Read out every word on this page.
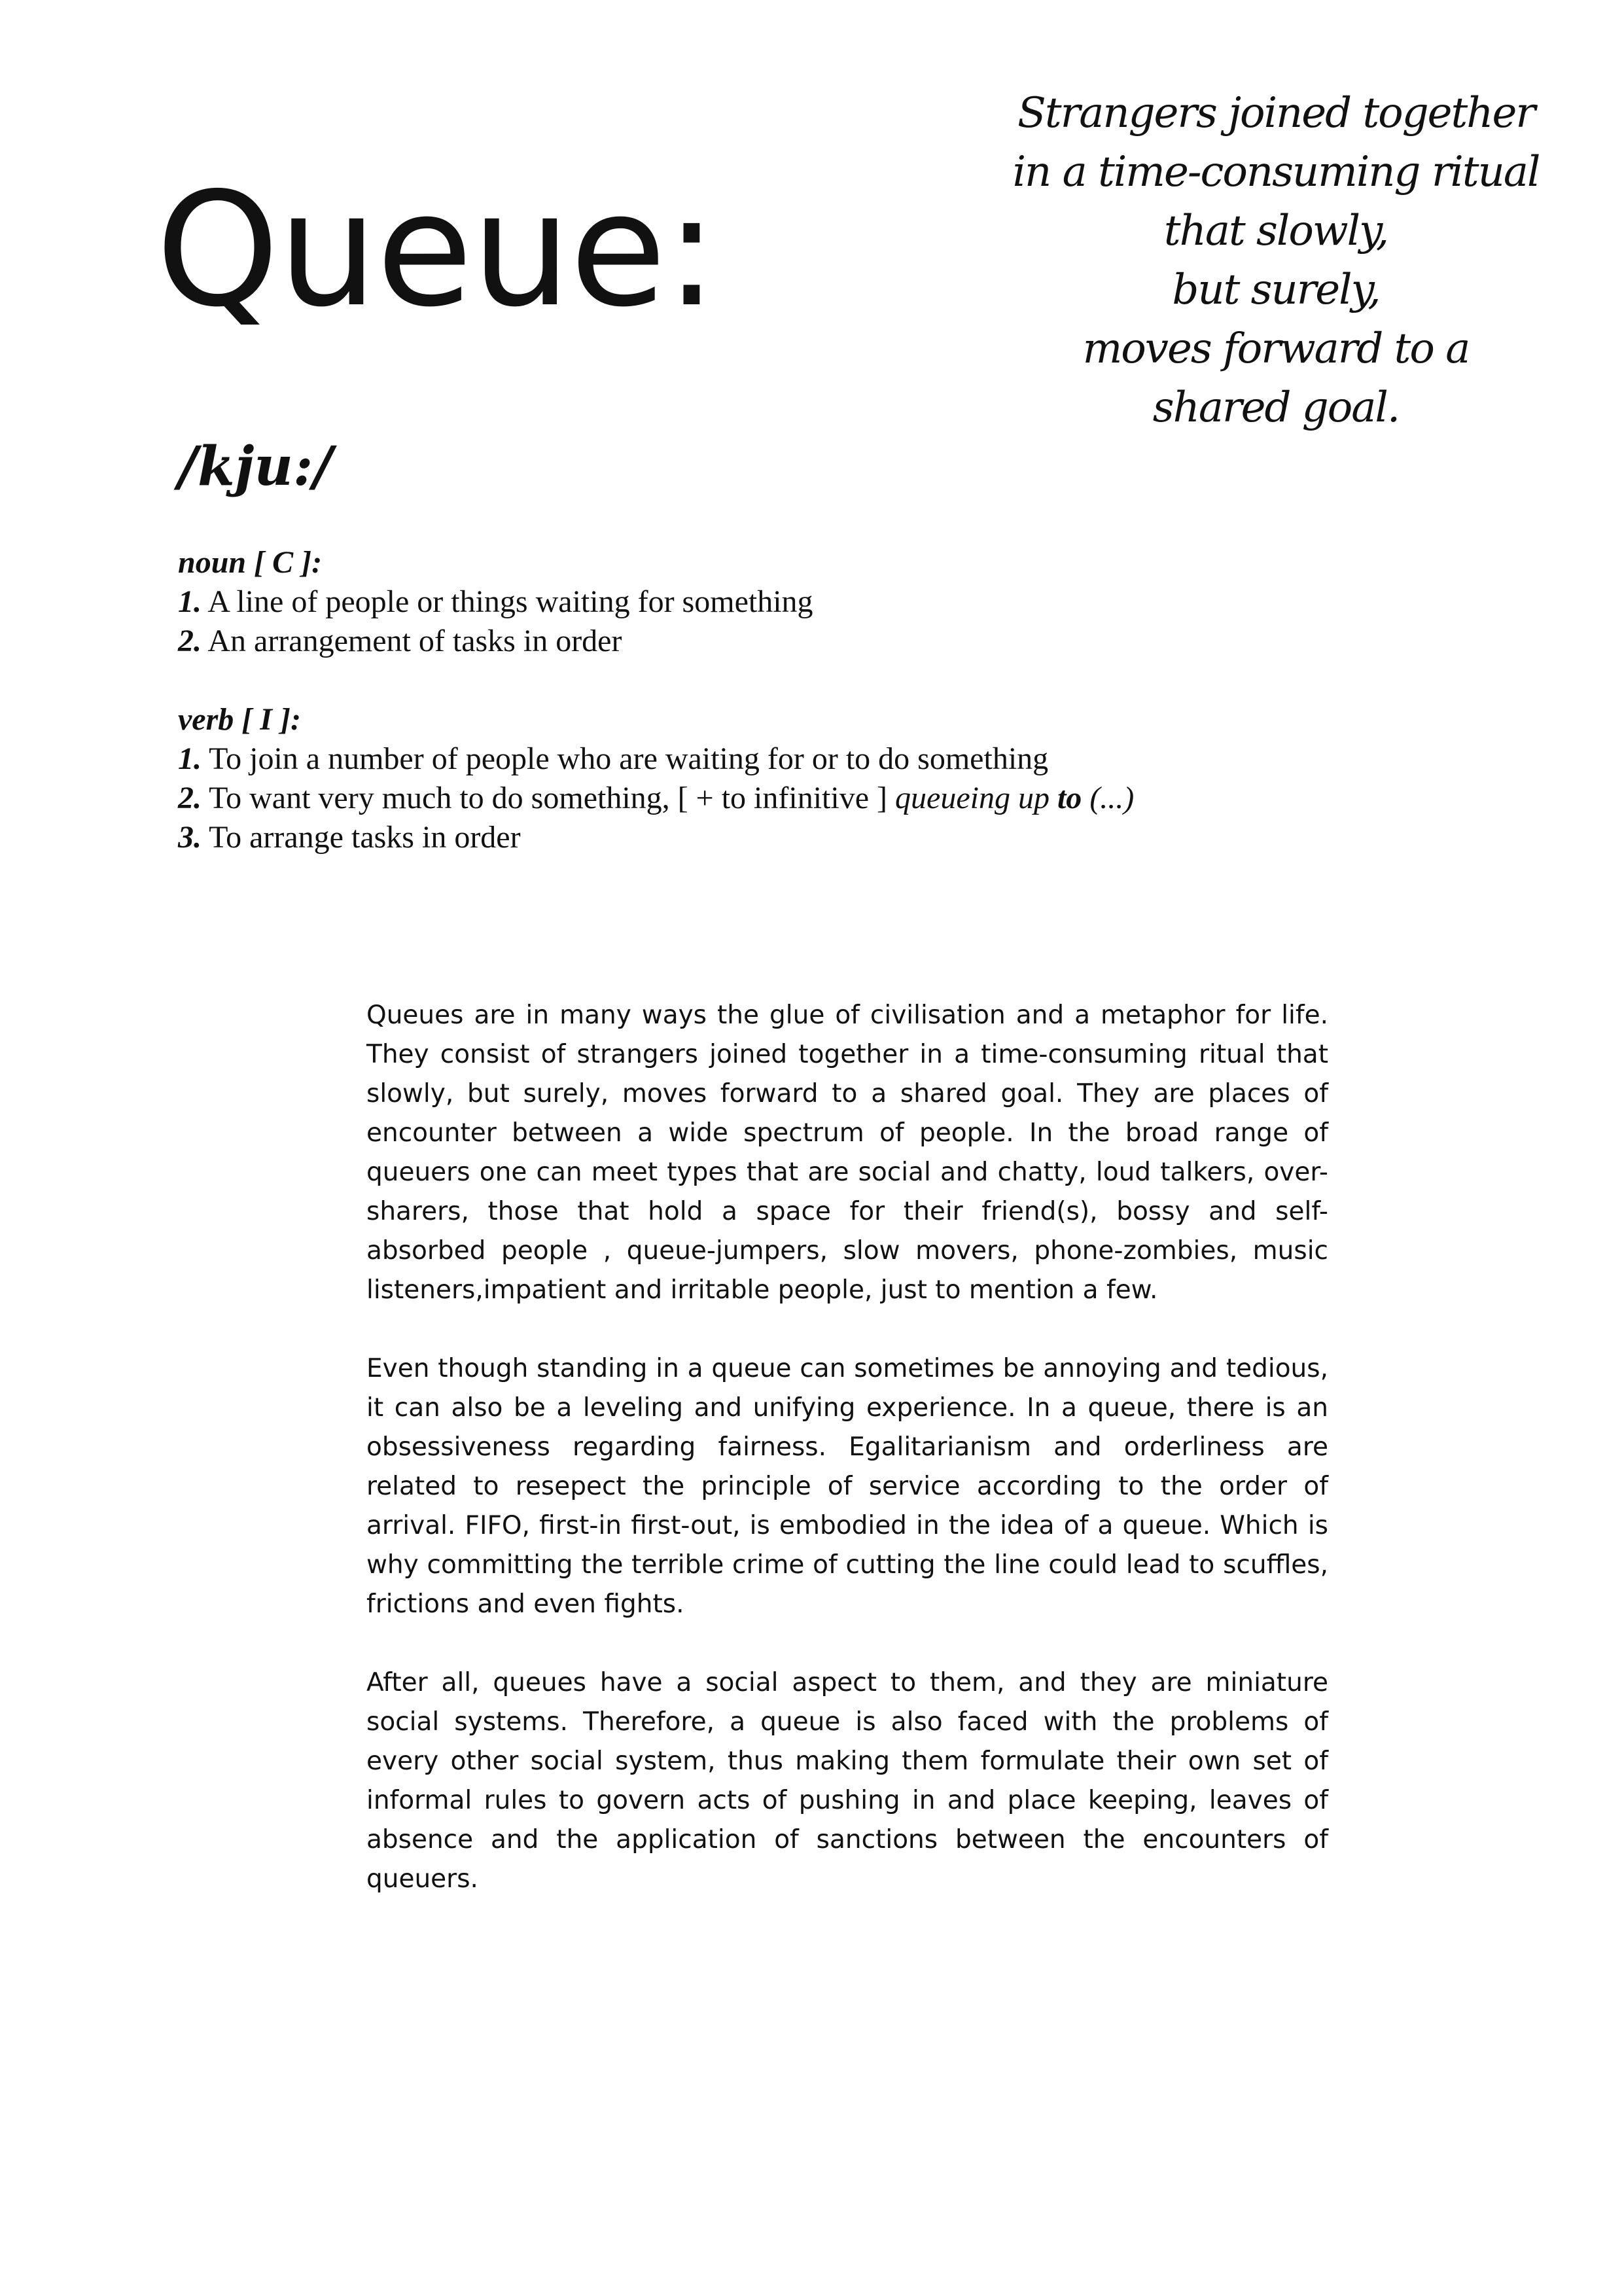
Queue:
Strangers joined together
in a time-consuming ritual
that slowly,
but surely,
moves forward to a
shared goal.
/kju:/
noun [ C ]:
1. A line of people or things waiting for something
2. An arrangement of tasks in order
verb [ I ]:
1. To join a number of people who are waiting for or to do something
2. To want very much to do something, [ + to infinitive ] queueing up to (...)
3. To arrange tasks in order

Queues are in many ways the glue of civilisation and a metaphor for life. They consist of strangers joined together in a time-consuming ritual that slowly, but surely, moves forward to a shared goal. They are places of encounter between a wide spectrum of people. In the broad range of queuers one can meet types that are social and chatty, loud talkers, over-sharers, those that hold a space for their friend(s), bossy and self-absorbed people , queue-jumpers, slow movers, phone-zombies, music listeners,impatient and irritable people, just to mention a few.

Even though standing in a queue can sometimes be annoying and tedious, it can also be a leveling and unifying experience. In a queue, there is an obsessiveness regarding fairness. Egalitarianism and orderliness are related to resepect the principle of service according to the order of arrival. FIFO, first-in first-out, is embodied in the idea of a queue. Which is why committing the terrible crime of cutting the line could lead to scuffles, frictions and even fights.

After all, queues have a social aspect to them, and they are miniature social systems. Therefore, a queue is also faced with the problems of every other social system, thus making them formulate their own set of informal rules to govern acts of pushing in and place keeping, leaves of absence and the application of sanctions between the encounters of queuers.
